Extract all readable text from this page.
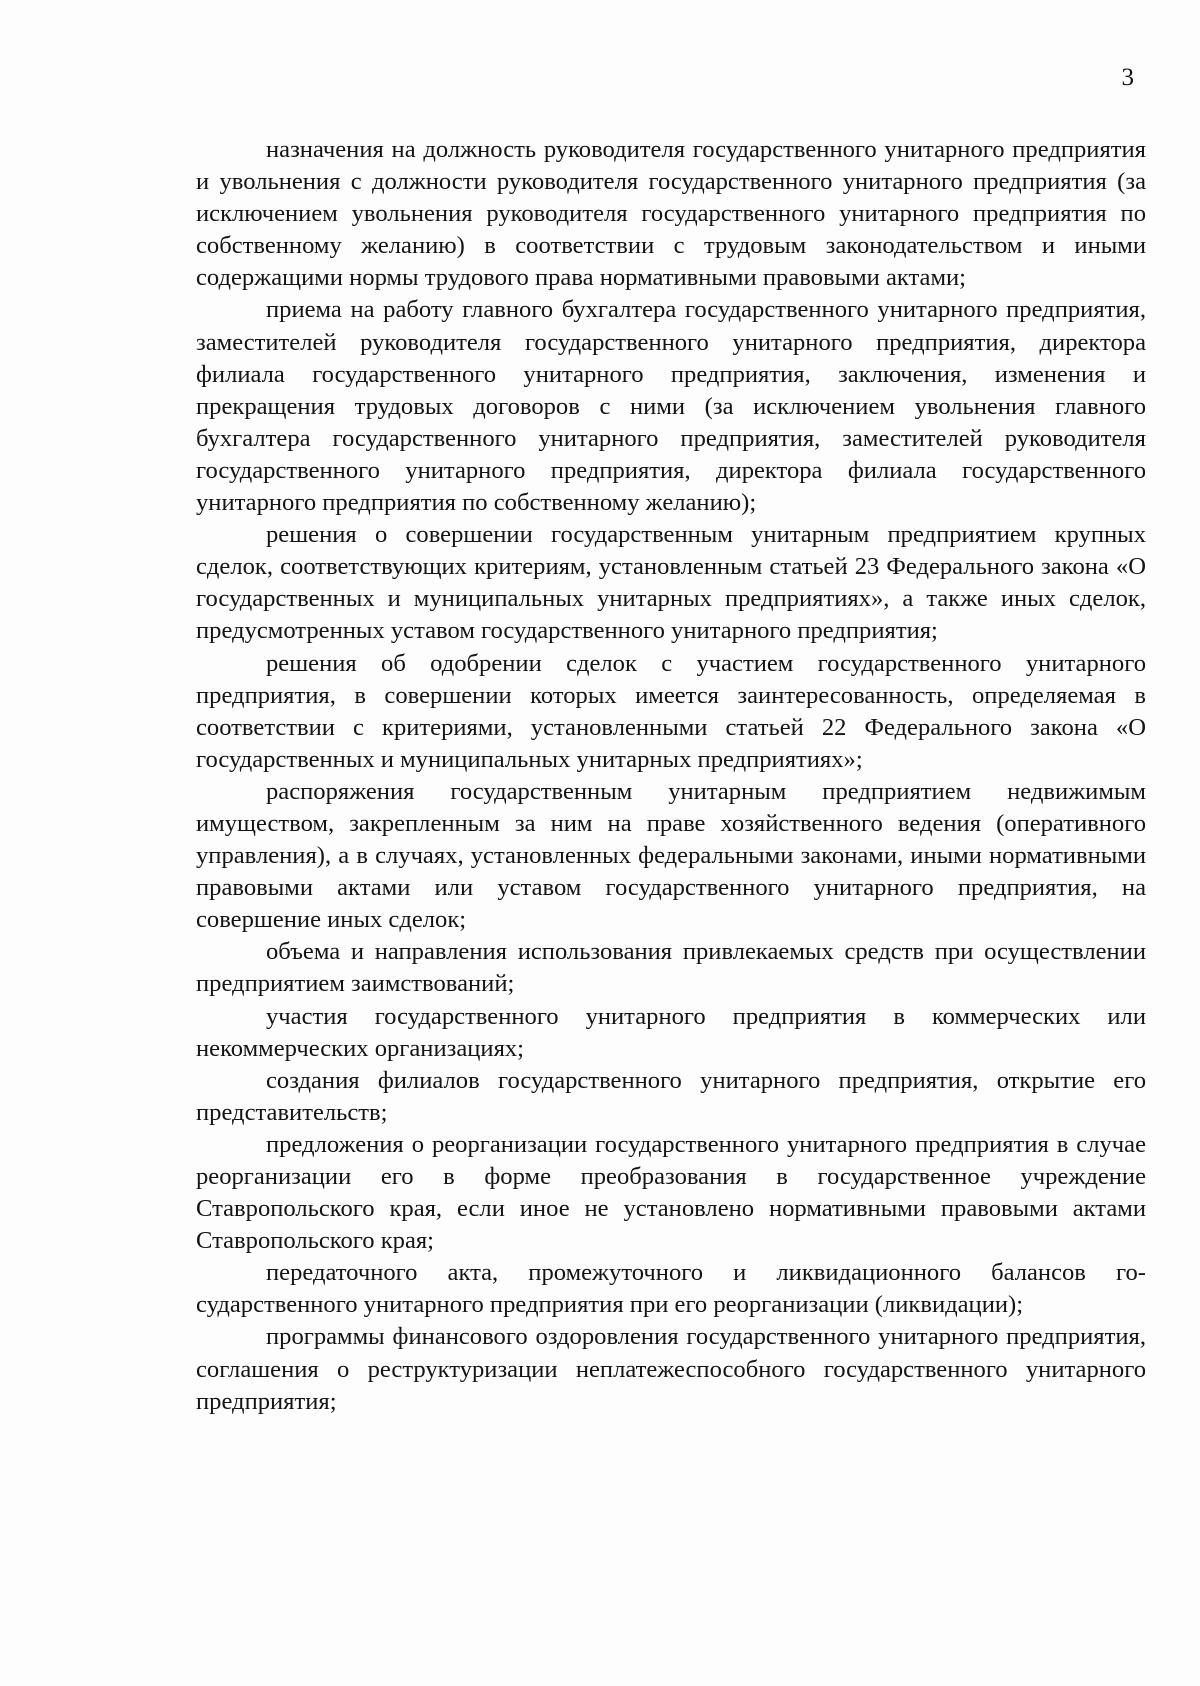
3

назначения на должность руководителя государственного унитарного предприятия и увольнения с должности руководителя государственного унитарного предприятия (за исключением увольнения руководителя государственного унитарного предприятия по собственному желанию) в соответствии с трудовым законодательством и иными содержащими нормы трудового права нормативными правовыми актами;

приема на работу главного бухгалтера государственного унитарного предприятия, заместителей руководителя государственного унитарного предприятия, директора филиала государственного унитарного предприятия, заключения, изменения и прекращения трудовых договоров с ними (за исключением увольнения главного бухгалтера государственного унитарного предприятия, заместителей руководителя государственного унитарного предприятия, директора филиала государственного унитарного предприятия по собственному желанию);

решения о совершении государственным унитарным предприятием крупных сделок, соответствующих критериям, установленным статьей 23 Федерального закона «О государственных и муниципальных унитарных предприятиях», а также иных сделок, предусмотренных уставом государственного унитарного предприятия;

решения об одобрении сделок с участием государственного унитарного предприятия, в совершении которых имеется заинтересованность, определяемая в соответствии с критериями, установленными статьей 22 Федерального закона «О государственных и муниципальных унитарных предприятиях»;

распоряжения государственным унитарным предприятием недвижимым имуществом, закрепленным за ним на праве хозяйственного ведения (оперативного управления), а в случаях, установленных федеральными законами, иными нормативными правовыми актами или уставом государственного унитарного предприятия, на совершение иных сделок;

объема и направления использования привлекаемых средств при осуществлении предприятием заимствований;

участия государственного унитарного предприятия в коммерческих или некоммерческих организациях;

создания филиалов государственного унитарного предприятия, открытие его представительств;

предложения о реорганизации государственного унитарного предприятия в случае реорганизации его в форме преобразования в государственное учреждение Ставропольского края, если иное не установлено нормативными правовыми актами Ставропольского края;

передаточного акта, промежуточного и ликвидационного балансов государственного унитарного предприятия при его реорганизации (ликвидации);

программы финансового оздоровления государственного унитарного предприятия, соглашения о реструктуризации неплатежеспособного государственного унитарного предприятия;
